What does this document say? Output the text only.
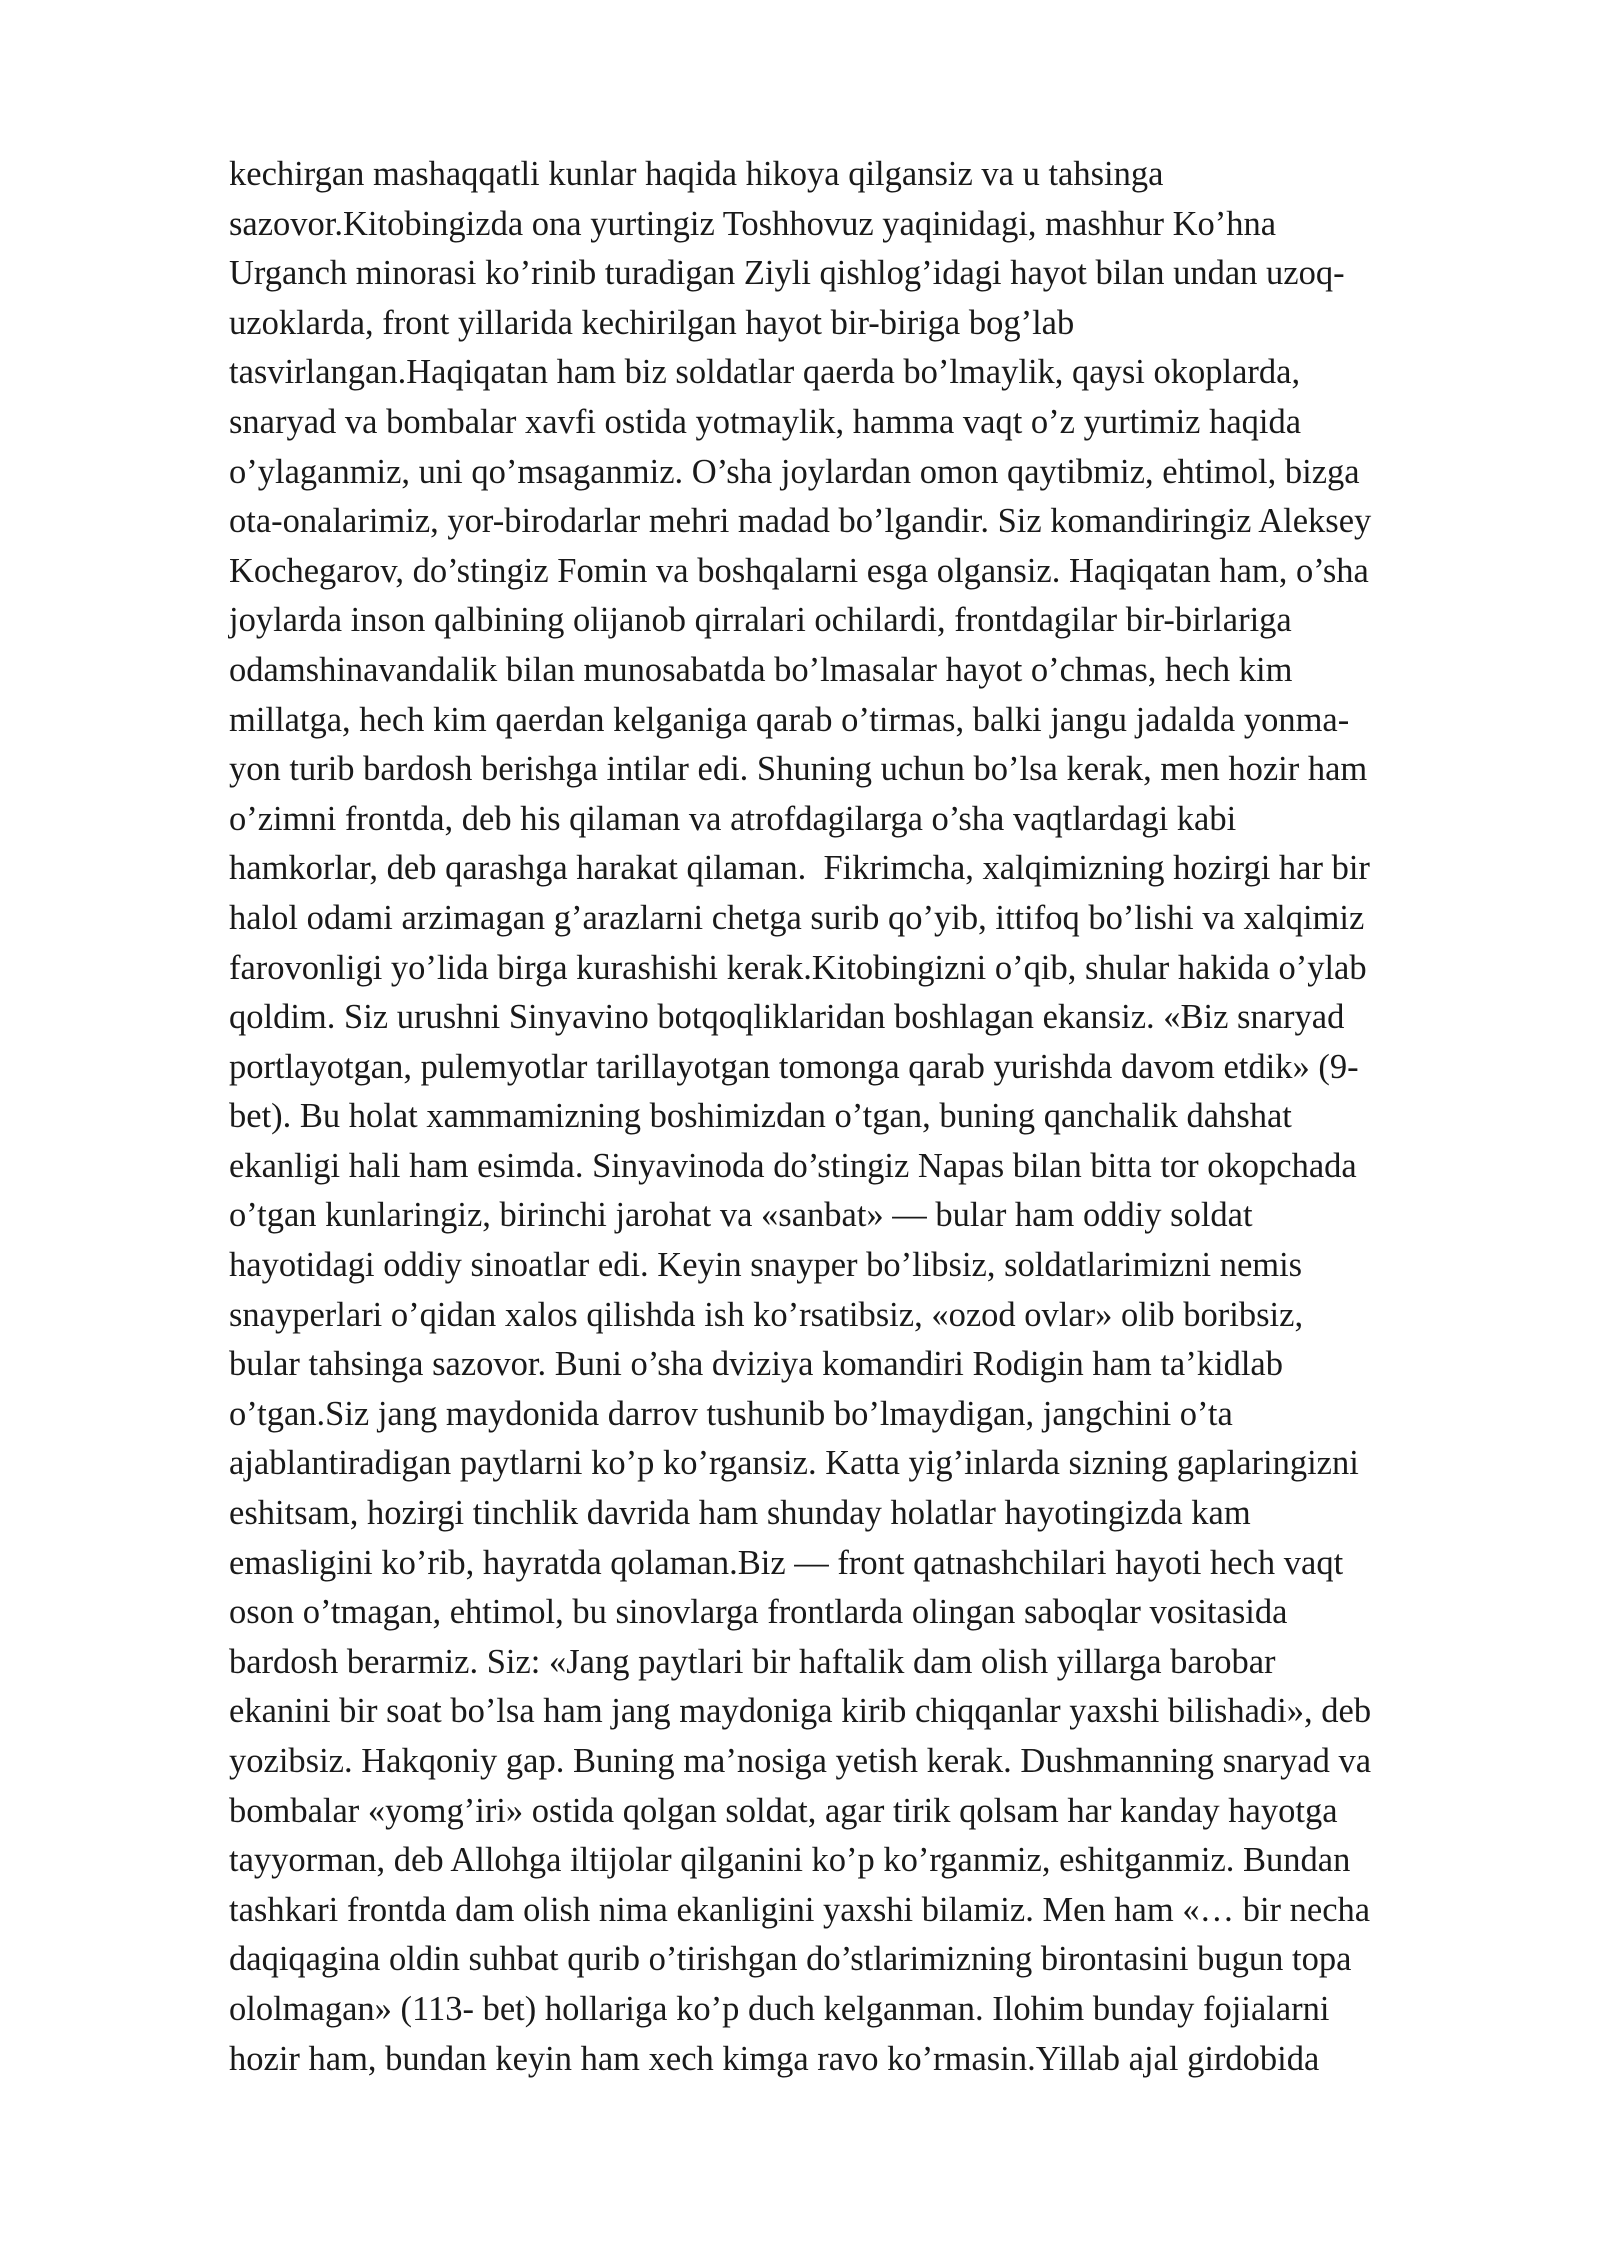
kechirgan mashaqqatli kunlar haqida hikoya qilgansiz va u tahsinga
sazovor.Kitobingizda ona yurtingiz Toshhovuz yaqinidagi, mashhur Ko’hna
Urganch minorasi ko’rinib turadigan Ziyli qishlog’idagi hayot bilan undan uzoq-
uzoklarda, front yillarida kechirilgan hayot bir-biriga bog’lab
tasvirlangan.Haqiqatan ham biz soldatlar qaerda bo’lmaylik, qaysi okoplarda,
snaryad va bombalar xavfi ostida yotmaylik, hamma vaqt o’z yurtimiz haqida
o’ylaganmiz, uni qo’msaganmiz. O’sha joylardan omon qaytibmiz, ehtimol, bizga
ota-onalarimiz, yor-birodarlar mehri madad bo’lgandir. Siz komandiringiz Aleksey
Kochegarov, do’stingiz Fomin va boshqalarni esga olgansiz. Haqiqatan ham, o’sha
joylarda inson qalbining olijanob qirralari ochilardi, frontdagilar bir-birlariga
odamshinavandalik bilan munosabatda bo’lmasalar hayot o’chmas, hech kim
millatga, hech kim qaerdan kelganiga qarab o’tirmas, balki jangu jadalda yonma-
yon turib bardosh berishga intilar edi. Shuning uchun bo’lsa kerak, men hozir ham
o’zimni frontda, deb his qilaman va atrofdagilarga o’sha vaqtlardagi kabi
hamkorlar, deb qarashga harakat qilaman.  Fikrimcha, xalqimizning hozirgi har bir
halol odami arzimagan g’arazlarni chetga surib qo’yib, ittifoq bo’lishi va xalqimiz
farovonligi yo’lida birga kurashishi kerak.Kitobingizni o’qib, shular hakida o’ylab
qoldim. Siz urushni Sinyavino botqoqliklaridan boshlagan ekansiz. «Biz snaryad
portlayotgan, pulemyotlar tarillayotgan tomonga qarab yurishda davom etdik» (9-
bet). Bu holat xammamizning boshimizdan o’tgan, buning qanchalik dahshat
ekanligi hali ham esimda. Sinyavinoda do’stingiz Napas bilan bitta tor okopchada
o’tgan kunlaringiz, birinchi jarohat va «sanbat» — bular ham oddiy soldat
hayotidagi oddiy sinoatlar edi. Keyin snayper bo’libsiz, soldatlarimizni nemis
snayperlari o’qidan xalos qilishda ish ko’rsatibsiz, «ozod ovlar» olib boribsiz,
bular tahsinga sazovor. Buni o’sha dviziya komandiri Rodigin ham ta’kidlab
o’tgan.Siz jang maydonida darrov tushunib bo’lmaydigan, jangchini o’ta
ajablantiradigan paytlarni ko’p ko’rgansiz. Katta yig’inlarda sizning gaplaringizni
eshitsam, hozirgi tinchlik davrida ham shunday holatlar hayotingizda kam
emasligini ko’rib, hayratda qolaman.Biz — front qatnashchilari hayoti hech vaqt
oson o’tmagan, ehtimol, bu sinovlarga frontlarda olingan saboqlar vositasida
bardosh berarmiz. Siz: «Jang paytlari bir haftalik dam olish yillarga barobar
ekanini bir soat bo’lsa ham jang maydoniga kirib chiqqanlar yaxshi bilishadi», deb
yozibsiz. Hakqoniy gap. Buning ma’nosiga yetish kerak. Dushmanning snaryad va
bombalar «yomg’iri» ostida qolgan soldat, agar tirik qolsam har kanday hayotga
tayyorman, deb Allohga iltijolar qilganini ko’p ko’rganmiz, eshitganmiz. Bundan
tashkari frontda dam olish nima ekanligini yaxshi bilamiz. Men ham «… bir necha
daqiqagina oldin suhbat qurib o’tirishgan do’stlarimizning birontasini bugun topa
ololmagan» (113- bet) hollariga ko’p duch kelganman. Ilohim bunday fojialarni
hozir ham, bundan keyin ham xech kimga ravo ko’rmasin.Yillab ajal girdobida
